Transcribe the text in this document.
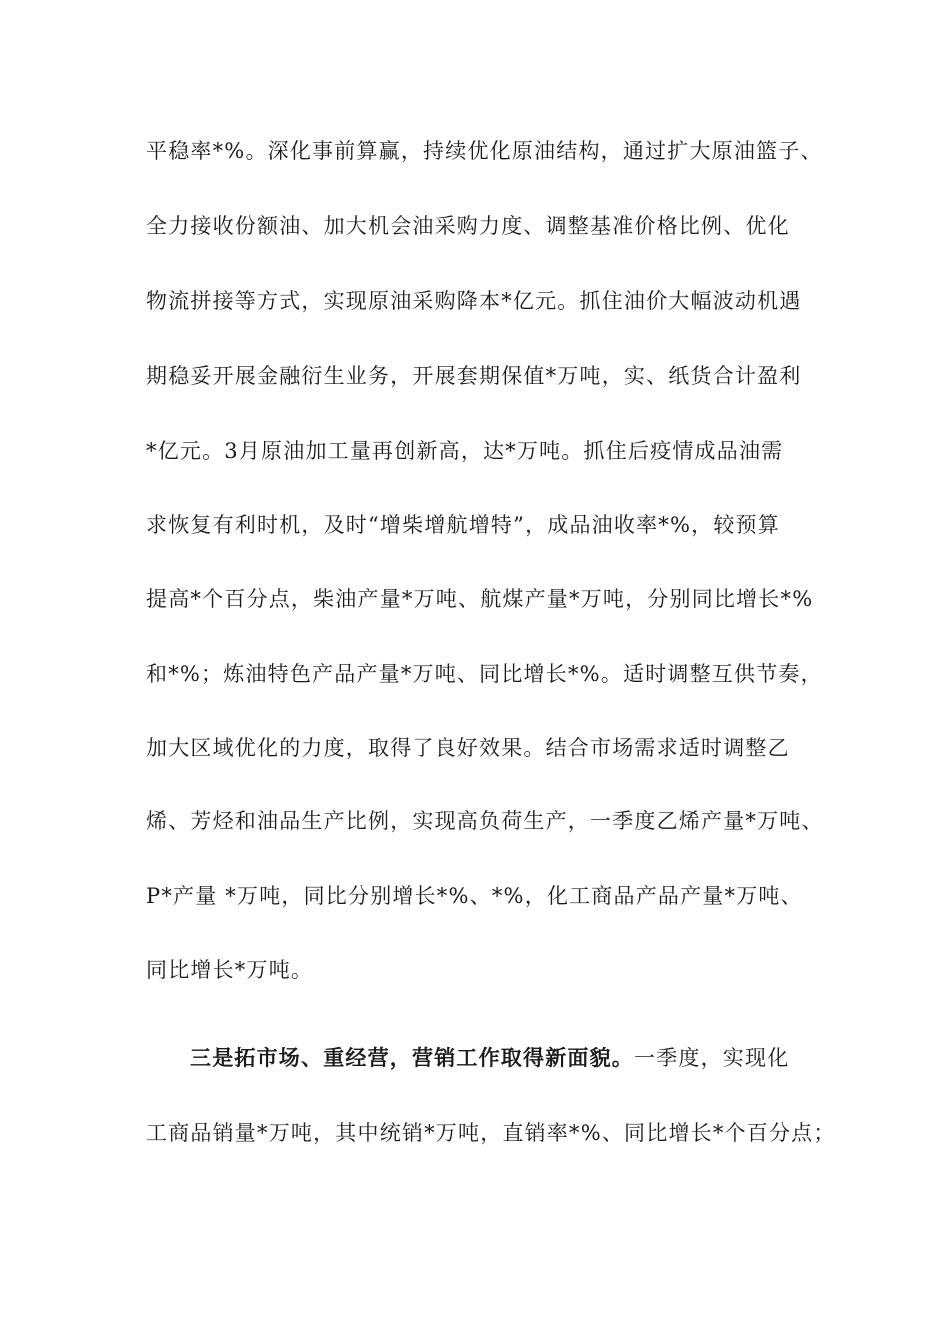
平稳率*%。深化事前算赢，持续优化原油结构，通过扩大原油篮子、
全力接收份额油、加大机会油采购力度、调整基准价格比例、优化
物流拼接等方式，实现原油采购降本*亿元。抓住油价大幅波动机遇
期稳妥开展金融衍生业务，开展套期保值*万吨，实、纸货合计盈利
*亿元。3月原油加工量再创新高，达*万吨。抓住后疫情成品油需
求恢复有利时机，及时“增柴增航增特”，成品油收率*%，较预算
提高*个百分点，柴油产量*万吨、航煤产量*万吨，分别同比增长*%
和*%；炼油特色产品产量*万吨、同比增长*%。适时调整互供节奏，
加大区域优化的力度，取得了良好效果。结合市场需求适时调整乙
烯、芳烃和油品生产比例，实现高负荷生产，一季度乙烯产量*万吨、
P*产量 *万吨，同比分别增长*%、*%，化工商品产品产量*万吨、
同比增长*万吨。
三是拓市场、重经营，营销工作取得新面貌。一季度，实现化
工商品销量*万吨，其中统销*万吨，直销率*%、同比增长*个百分点；
